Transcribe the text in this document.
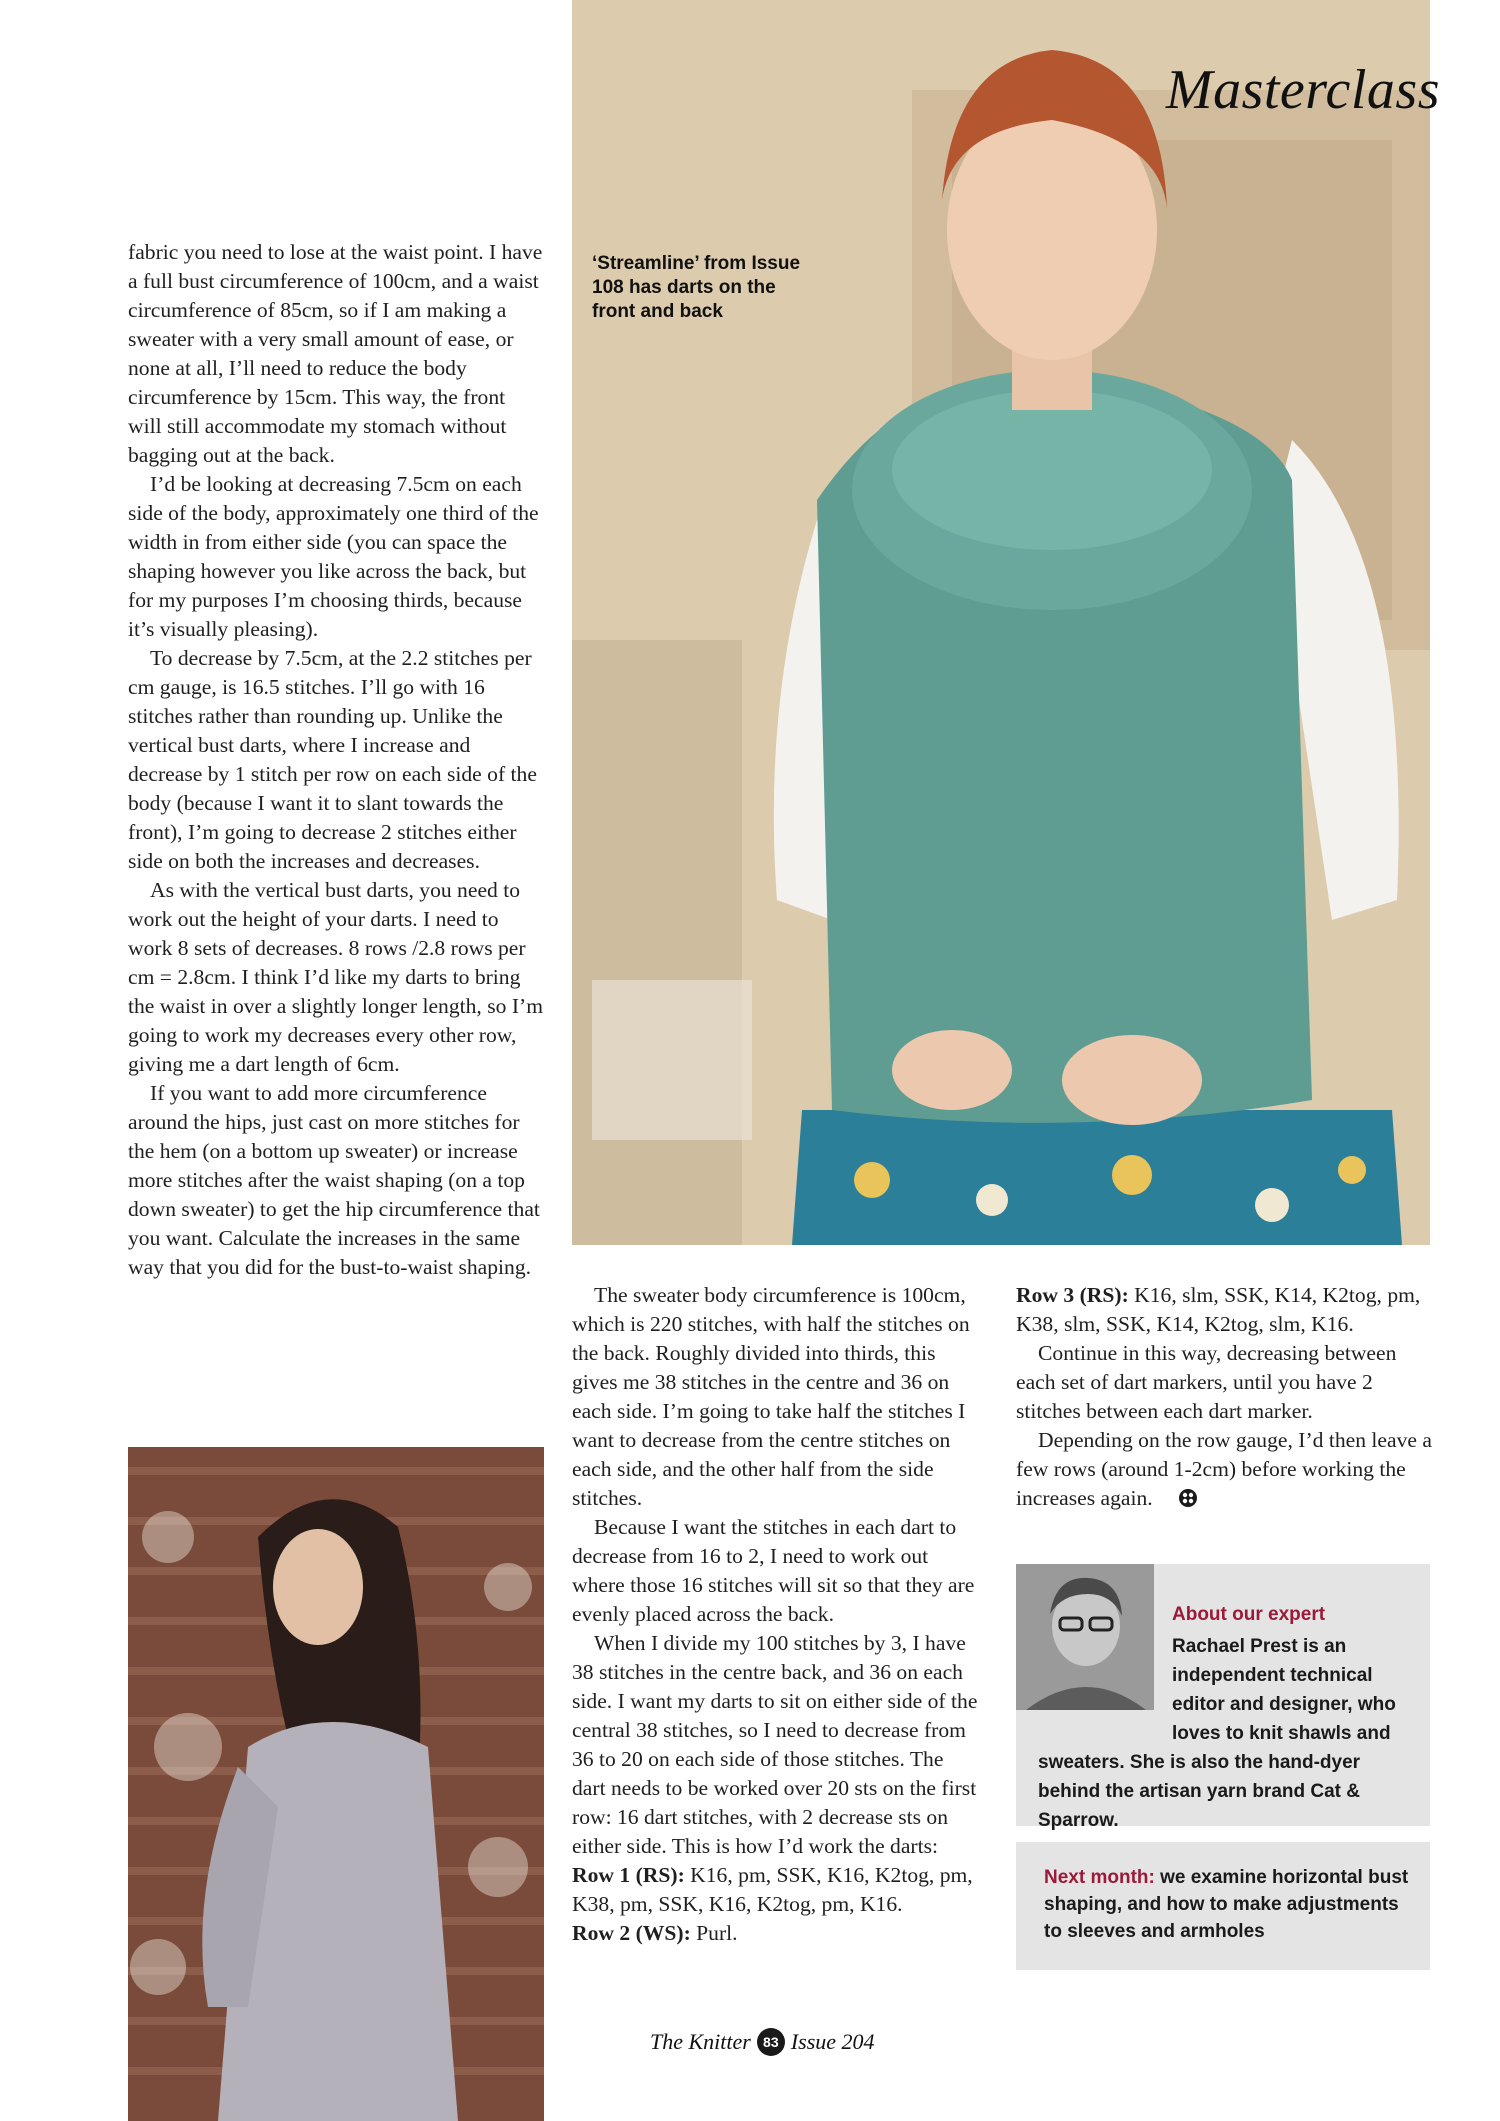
Masterclass
‘Streamline’ from Issue 108 has darts on the front and back

fabric you need to lose at the waist point. I have a full bust circumference of 100cm, and a waist circumference of 85cm, so if I am making a sweater with a very small amount of ease, or none at all, I’ll need to reduce the body circumference by 15cm. This way, the front will still accommodate my stomach without bagging out at the back.

I’d be looking at decreasing 7.5cm on each side of the body, approximately one third of the width in from either side (you can space the shaping however you like across the back, but for my purposes I’m choosing thirds, because it’s visually pleasing).

To decrease by 7.5cm, at the 2.2 stitches per cm gauge, is 16.5 stitches. I’ll go with 16 stitches rather than rounding up. Unlike the vertical bust darts, where I increase and decrease by 1 stitch per row on each side of the body (because I want it to slant towards the front), I’m going to decrease 2 stitches either side on both the increases and decreases.

As with the vertical bust darts, you need to work out the height of your darts. I need to work 8 sets of decreases. 8 rows /2.8 rows per cm = 2.8cm. I think I’d like my darts to bring the waist in over a slightly longer length, so I’m going to work my decreases every other row, giving me a dart length of 6cm.

If you want to add more circumference around the hips, just cast on more stitches for the hem (on a bottom up sweater) or increase more stitches after the waist shaping (on a top down sweater) to get the hip circumference that you want. Calculate the increases in the same way that you did for the bust-to-waist shaping.

The sweater body circumference is 100cm, which is 220 stitches, with half the stitches on the back. Roughly divided into thirds, this gives me 38 stitches in the centre and 36 on each side. I’m going to take half the stitches I want to decrease from the centre stitches on each side, and the other half from the side stitches.

Because I want the stitches in each dart to decrease from 16 to 2, I need to work out where those 16 stitches will sit so that they are evenly placed across the back.

When I divide my 100 stitches by 3, I have 38 stitches in the centre back, and 36 on each side. I want my darts to sit on either side of the central 38 stitches, so I need to decrease from 36 to 20 on each side of those stitches. The dart needs to be worked over 20 sts on the first row: 16 dart stitches, with 2 decrease sts on either side. This is how I’d work the darts:

Row 1 (RS): K16, pm, SSK, K16, K2tog, pm, K38, pm, SSK, K16, K2tog, pm, K16.

Row 2 (WS): Purl.

Row 3 (RS): K16, slm, SSK, K14, K2tog, pm, K38, slm, SSK, K14, K2tog, slm, K16.

Continue in this way, decreasing between each set of dart markers, until you have 2 stitches between each dart marker.

Depending on the row gauge, I’d then leave a few rows (around 1-2cm) before working the increases again.

About our expert
Rachael Prest is an
independent technical
editor and designer, who
loves to knit shawls and
sweaters. She is also the hand-dyer behind the artisan yarn brand Cat & Sparrow.
Next month: we examine horizontal bust shaping, and how to make adjustments to sleeves and armholes
The Knitter 83 Issue 204
